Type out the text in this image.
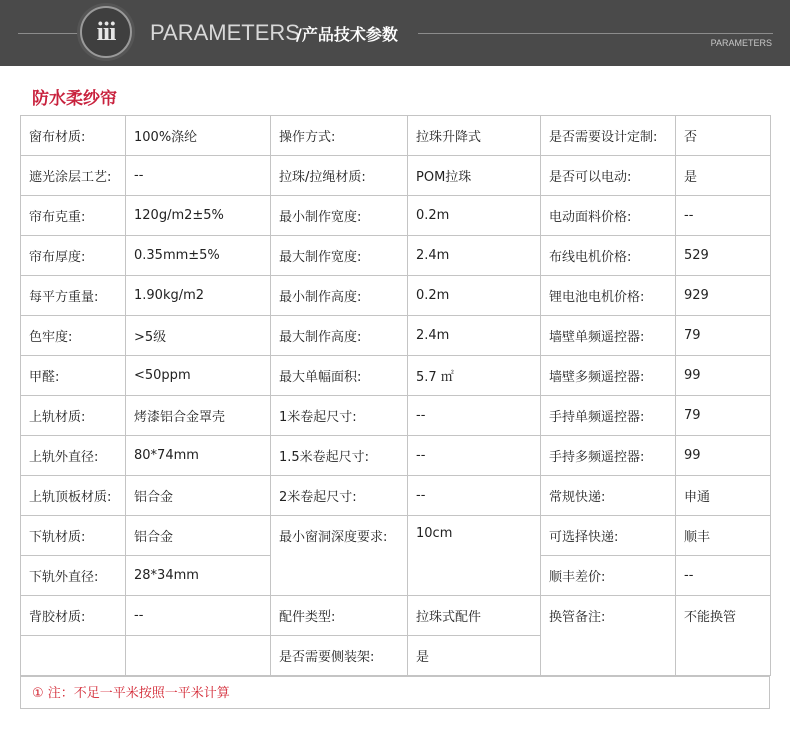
iii PARAMETERS
/产品技术参数	PARAMETERS
防水柔纱帘
窗布材质:	100%涤纶	操作方式:	拉珠升降式	是否需要设计定制:	否
遮光涂层工艺:	--	拉珠/拉绳材质:	POM拉珠	是否可以电动:	是
帘布克重:	120g/m2±5%	最小制作宽度:	0.2m	电动面料价格:	--
帘布厚度:	0.35mm±5%	最大制作宽度:	2.4m	布线电机价格:	529
每平方重量:	1.90kg/m2	最小制作高度:	0.2m	锂电池电机价格:	929
色牢度:	>5级	最大制作高度:	2.4m	墙壁单频遥控器:	79
甲醛:	<50ppm	最大单幅面积:	5.7 ㎡	墙壁多频遥控器:	99
上轨材质:	烤漆铝合金罩壳	1米卷起尺寸:	--	手持单频遥控器:	79
上轨外直径:	80*74mm	1.5米卷起尺寸:	--	手持多频遥控器:	99
上轨顶板材质:	铝合金	2米卷起尺寸:	--	常规快递:	申通
下轨材质:	铝合金	最小窗洞深度要求:	10cm	可选择快递:	顺丰
下轨外直径:	28*34mm			顺丰差价:	--
背胶材质:	--	配件类型:	拉珠式配件	换管备注:	不能换管
		是否需要侧装架:	是		
① 注：不足一平米按照一平米计算
